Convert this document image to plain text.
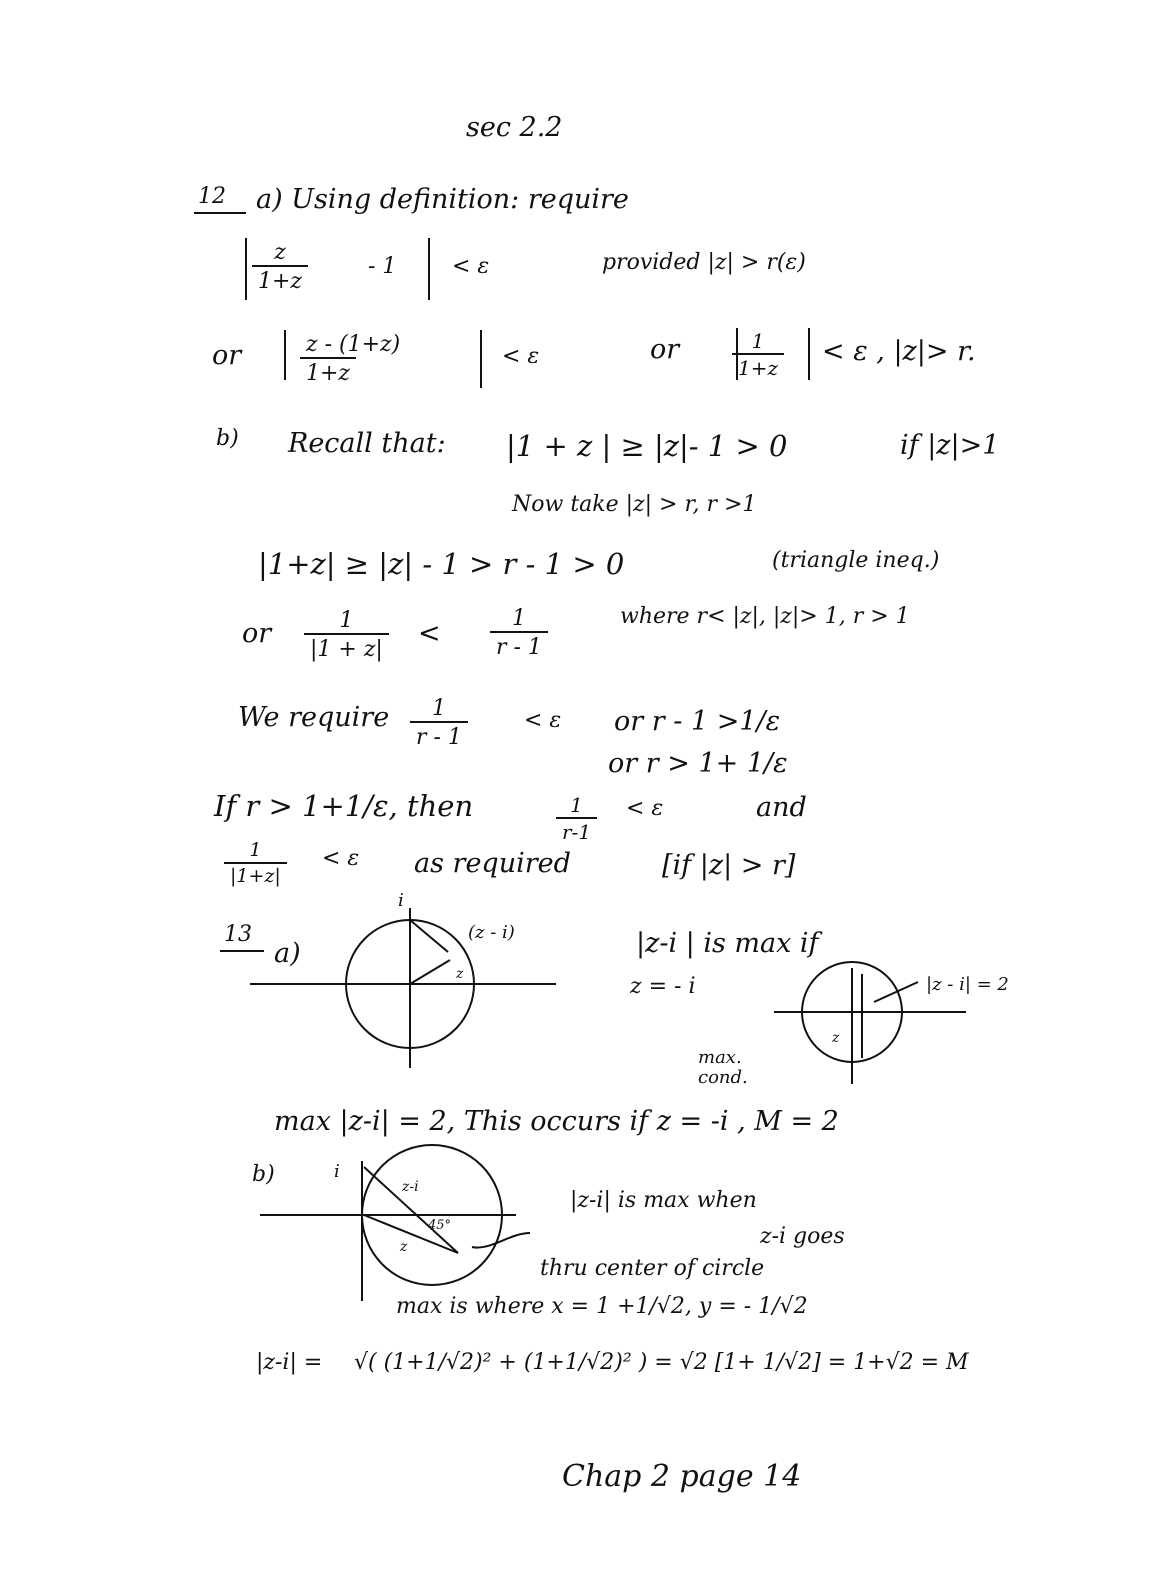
sec 2.2
12 a) Using definition: require
$\frac{z}{1+z}$	- 1	< ε	provided |z| > r(ε)
or	$\frac{z - (1+z)}{1+z}$	< ε	or	$\frac{1}{1+z} < \varepsilon$ , |z|> r.
b) Recall that: |1 + z | ≥ |z|- 1 > 0	if |z|>1
Now take |z| > r, r >1
|1+z| ≥ |z| - 1 > r - 1 > 0	(triangle ineq.)
or $\frac{1}{|1 + z|} < \frac{1}{r - 1}$	where r< |z|, |z|> 1, r > 1
We require $\frac{1}{r - 1}$	< ε or r - 1 >1/ε
or r > 1+ 1/ε
If r > 1+1/ε, then	$\frac{1}{r-1} < \varepsilon$	and
$\frac{1}{|1+z|} < \varepsilon$ as required	[if |z| > r]
13
a)
i
(z - i)
z
|z-i | is max if
z = - i	|z - i| = 2
z
max. cond.
max |z-i| = 2, This occurs if z = -i , M = 2
b)	i
z-i
45°
z
|z-i| is max when
z-i goes
thru center of circle
max is where x = 1 +1/√2, y = - 1/√2
|z-i| = √( (1+1/√2)² + (1+1/√2)² ) = √2 [1+ 1/√2] = 1+√2 = M
Chap 2 page 14
